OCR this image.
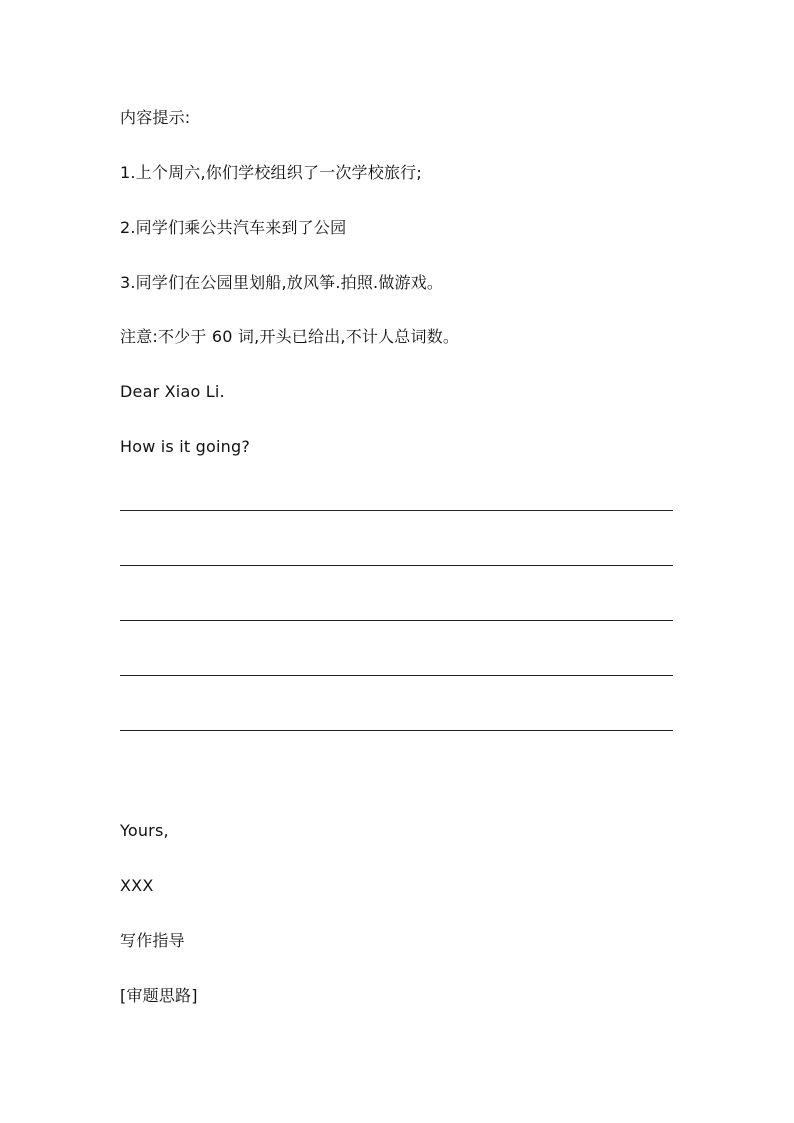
内容提示:
1.上个周六,你们学校组织了一次学校旅行;
2.同学们乘公共汽车来到了公园
3.同学们在公园里划船,放风筝.拍照.做游戏。
注意:不少于 60 词,开头已给出,不计人总词数。
Dear Xiao Li.
How is it going?
Yours,
XXX
写作指导
[审题思路]
